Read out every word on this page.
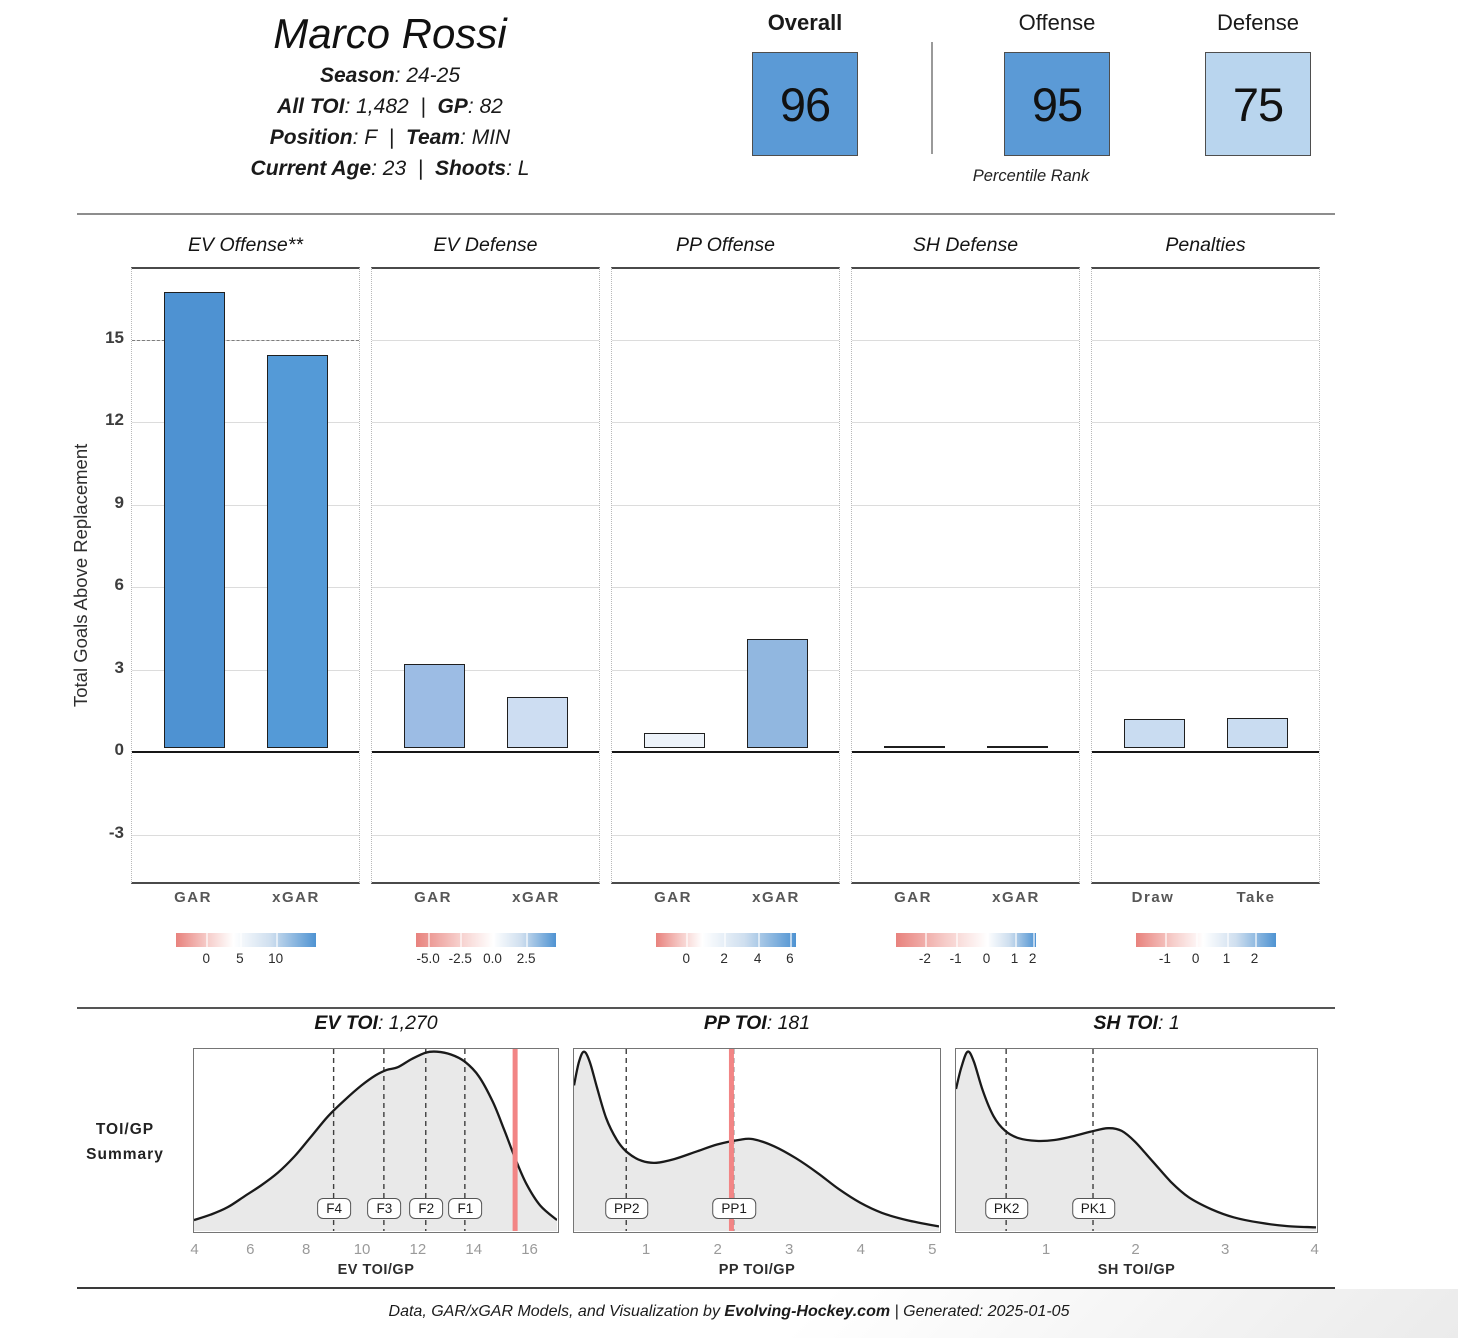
Marco Rossi
Season: 24-25
All TOI: 1,482  |  GP: 82
Position: F  |  Team: MIN
Current Age: 23  |  Shoots: L
Overall
96
Offense
95
Defense
75
Percentile Rank
Total Goals Above Replacement
-3
0
3
6
9
12
15
EV Offense**
GAR	xGAR
0 5 10
EV Defense
GAR	xGAR
-5.0 -2.5 0.0 2.5
PP Offense
GAR	xGAR
0 2 4 6
SH Defense
GAR	xGAR
-2 -1 0 1 2
Penalties
Draw	Take
-1 0 1 2
TOI/GP
Summary
EV TOI: 1,270
F4	F3	F2	F1
4	6	8	10	12	14	16
EV TOI/GP
PP TOI: 181
PP2	PP1
1	2	3	4	5
PP TOI/GP
SH TOI: 1
PK2	PK1
1	2	3	4
SH TOI/GP
Data, GAR/xGAR Models, and Visualization by Evolving-Hockey.com | Generated: 2025-01-05
